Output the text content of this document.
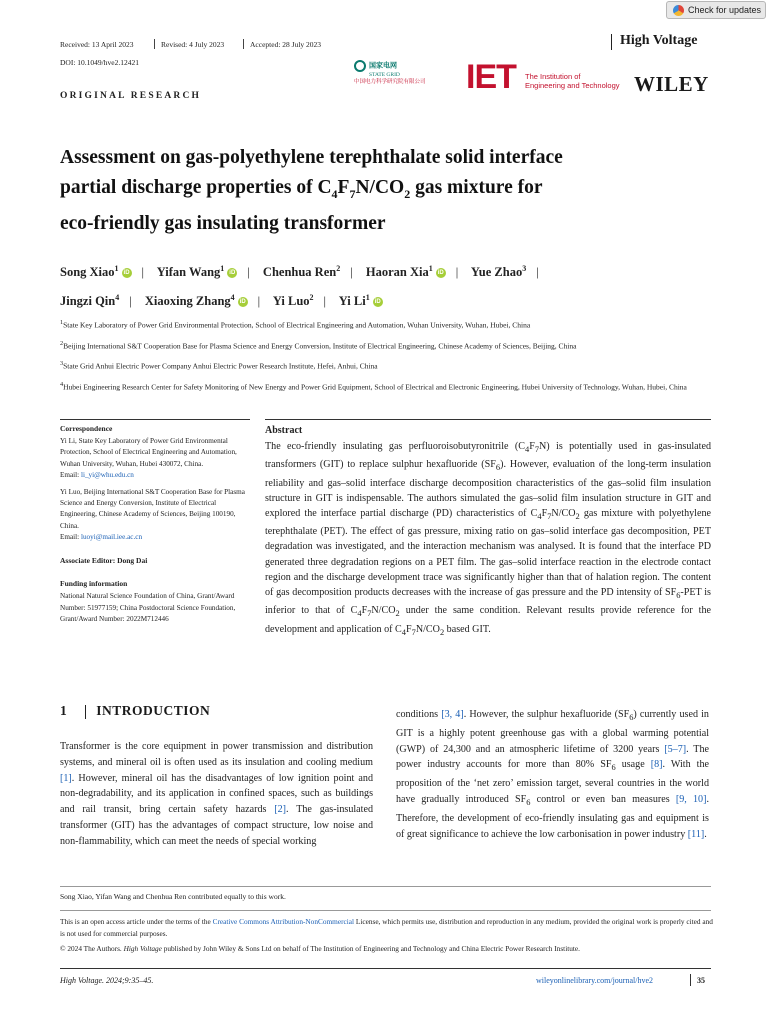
Check for updates
Received: 13 April 2023	Revised: 4 July 2023	Accepted: 28 July 2023	High Voltage
DOI: 10.1049/hve2.12421
ORIGINAL RESEARCH
国家电网
STATE GRID
中国电力科学研究院有限公司 IET The Institution of
Engineering and Technology WILEY
Assessment on gas-polyethylene terephthalate solid interface
partial discharge properties of $C_4F_7N/CO_2$ gas mixture for
eco-friendly gas insulating transformer
Song Xiao$^1$iD | Yifan Wang$^1$iD | Chenhua Ren$^2$ | Haoran Xia$^1$iD | Yue Zhao$^3$ |
Jingzi Qin$^4$ | Xiaoxing Zhang$^4$iD | Yi Luo$^2$ | Yi Li$^1$iD

$^1$State Key Laboratory of Power Grid Environmental Protection, School of Electrical Engineering and Automation, Wuhan University, Wuhan, Hubei, China

$^2$Beijing International S&T Cooperation Base for Plasma Science and Energy Conversion, Institute of Electrical Engineering, Chinese Academy of Sciences, Beijing, China

$^3$State Grid Anhui Electric Power Company Anhui Electric Power Research Institute, Hefei, Anhui, China

$^4$Hubei Engineering Research Center for Safety Monitoring of New Energy and Power Grid Equipment, School of Electrical and Electronic Engineering, Hubei University of Technology, Wuhan, Hubei, China

Correspondence

Yi Li, State Key Laboratory of Power Grid Environmental Protection, School of Electrical Engineering and Automation, Wuhan University, Wuhan, Hubei 430072, China.
Email: li_yi@whu.edu.cn

Yi Luo, Beijing International S&T Cooperation Base for Plasma Science and Energy Conversion, Institute of Electrical Engineering, Chinese Academy of Sciences, Beijing 100190, China.
Email: luoyi@mail.iee.ac.cn

Associate Editor: Dong Dai
Funding information

National Natural Science Foundation of China, Grant/Award Number: 51977159; China Postdoctoral Science Foundation, Grant/Award Number: 2022M712446

Abstract
The eco-friendly insulating gas perfluoroisobutyronitrile $(C_4F_7N)$ is potentially used in gas-insulated transformers (GIT) to replace sulphur hexafluoride $(SF_6)$. However, evaluation of the long-term insulation reliability and gas–solid interface discharge decomposition characteristics of the gas–solid film insulation structure in GIT is indispensable. The authors simulated the gas–solid film insulation structure in GIT and explored the interface partial discharge (PD) characteristics of $C_4F_7N/CO_2$ gas mixture with polyethylene terephthalate (PET). The effect of gas pressure, mixing ratio on gas–solid interface gas decomposition, PET degradation was investigated, and the interaction mechanism was analysed. It is found that the interface PD generated three degradation regions on a PET film. The gas–solid interface reaction in the electrode contact region and the discharge development trace was significantly higher than that of halation region. The content of gas decomposition products decreases with the increase of gas pressure and the PD intensity of $SF_6$-PET is inferior to that of $C_4F_7N/CO_2$ under the same condition. Relevant results provide reference for the development and application of $C_4F_7N/CO_2$ based GIT.
1 INTRODUCTION
Transformer is the core equipment in power transmission and distribution systems, and mineral oil is often used as its insulation and cooling medium [1]. However, mineral oil has the disadvantages of low ignition point and non-degradability, and its application in confined spaces, such as buildings and rail transit, bring certain safety hazards [2]. The gas-insulated transformer (GIT) has the advantages of compact structure, low noise and non-flammability, which can meet the needs of special working
conditions [3, 4]. However, the sulphur hexafluoride $(SF_6)$ currently used in GIT is a highly potent greenhouse gas with a global warming potential (GWP) of 24,300 and an atmospheric lifetime of 3200 years [5–7]. The power industry accounts for more than 80% $SF_6$ usage [8]. With the proposition of the ‘net zero’ emission target, several countries in the world have gradually introduced $SF_6$ control or even ban measures [9, 10]. Therefore, the development of eco-friendly insulating gas and equipment is of great significance to achieve the low carbonisation in power industry [11].
Song Xiao, Yifan Wang and Chenhua Ren contributed equally to this work.

This is an open access article under the terms of the Creative Commons Attribution-NonCommercial License, which permits use, distribution and reproduction in any medium, provided the original work is properly cited and is not used for commercial purposes.

© 2024 The Authors. High Voltage published by John Wiley & Sons Ltd on behalf of The Institution of Engineering and Technology and China Electric Power Research Institute.

High Voltage. 2024;9:35–45.	wileyonlinelibrary.com/journal/hve2	35
